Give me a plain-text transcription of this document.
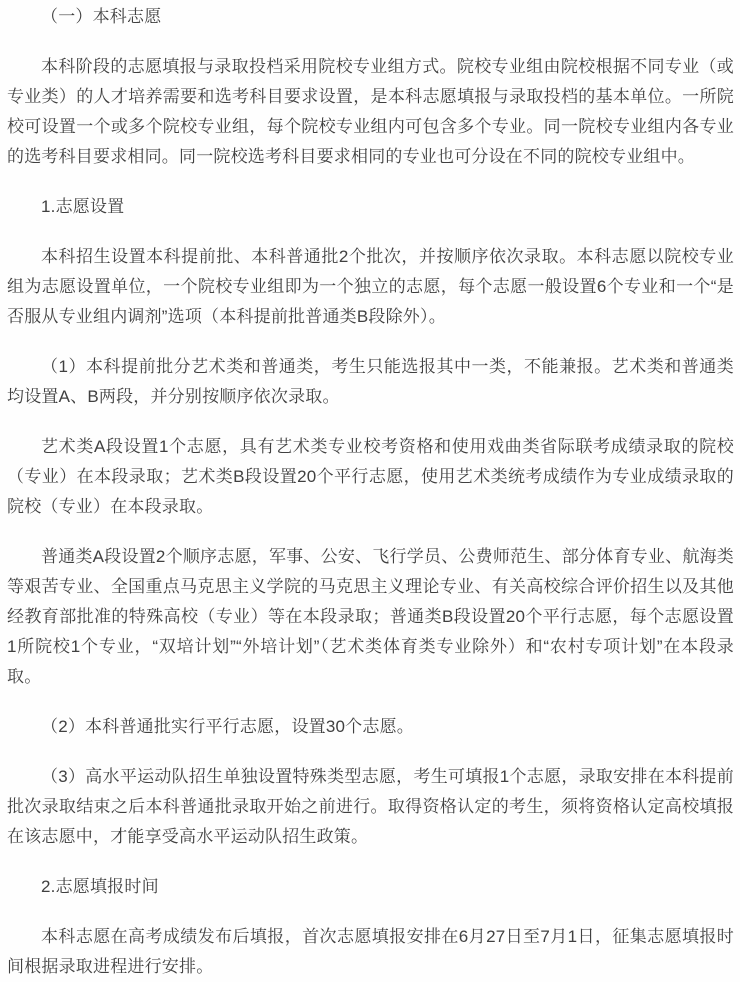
（一）本科志愿

本科阶段的志愿填报与录取投档采用院校专业组方式。院校专业组由院校根据不同专业（或专业类）的人才培养需要和选考科目要求设置，是本科志愿填报与录取投档的基本单位。一所院校可设置一个或多个院校专业组，每个院校专业组内可包含多个专业。同一院校专业组内各专业的选考科目要求相同。同一院校选考科目要求相同的专业也可分设在不同的院校专业组中。

1.志愿设置

本科招生设置本科提前批、本科普通批2个批次，并按顺序依次录取。本科志愿以院校专业组为志愿设置单位，一个院校专业组即为一个独立的志愿，每个志愿一般设置6个专业和一个“是否服从专业组内调剂”选项（本科提前批普通类B段除外）。

（1）本科提前批分艺术类和普通类，考生只能选报其中一类，不能兼报。艺术类和普通类均设置A、B两段，并分别按顺序依次录取。

艺术类A段设置1个志愿，具有艺术类专业校考资格和使用戏曲类省际联考成绩录取的院校（专业）在本段录取；艺术类B段设置20个平行志愿，使用艺术类统考成绩作为专业成绩录取的院校（专业）在本段录取。

普通类A段设置2个顺序志愿，军事、公安、飞行学员、公费师范生、部分体育专业、航海类等艰苦专业、全国重点马克思主义学院的马克思主义理论专业、有关高校综合评价招生以及其他经教育部批准的特殊高校（专业）等在本段录取；普通类B段设置20个平行志愿，每个志愿设置1所院校1个专业，“双培计划”“外培计划”（艺术类体育类专业除外）和“农村专项计划”在本段录取。

（2）本科普通批实行平行志愿，设置30个志愿。

（3）高水平运动队招生单独设置特殊类型志愿，考生可填报1个志愿，录取安排在本科提前批次录取结束之后本科普通批录取开始之前进行。取得资格认定的考生，须将资格认定高校填报在该志愿中，才能享受高水平运动队招生政策。

2.志愿填报时间

本科志愿在高考成绩发布后填报，首次志愿填报安排在6月27日至7月1日，征集志愿填报时间根据录取进程进行安排。
